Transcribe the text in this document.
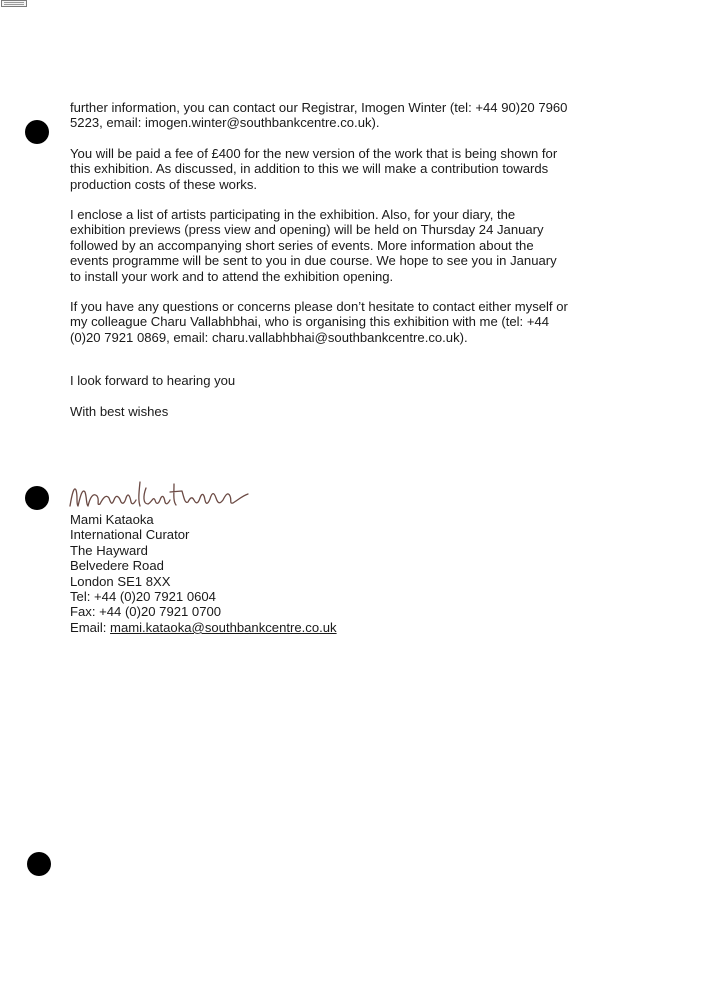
further information, you can contact our Registrar, Imogen Winter (tel: +44 90)20 7960
5223, email: imogen.winter@southbankcentre.co.uk).

You will be paid a fee of £400 for the new version of the work that is being shown for
this exhibition. As discussed, in addition to this we will make a contribution towards
production costs of these works.

I enclose a list of artists participating in the exhibition. Also, for your diary, the
exhibition previews (press view and opening) will be held on Thursday 24 January
followed by an accompanying short series of events. More information about the
events programme will be sent to you in due course. We hope to see you in January
to install your work and to attend the exhibition opening.

If you have any questions or concerns please don’t hesitate to contact either myself or
my colleague Charu Vallabhbhai, who is organising this exhibition with me (tel: +44
(0)20 7921 0869, email: charu.vallabhbhai@southbankcentre.co.uk).

I look forward to hearing you

With best wishes

Mami Kataoka
International Curator
The Hayward
Belvedere Road
London SE1 8XX
Tel: +44 (0)20 7921 0604
Fax: +44 (0)20 7921 0700
Email: mami.kataoka@southbankcentre.co.uk
